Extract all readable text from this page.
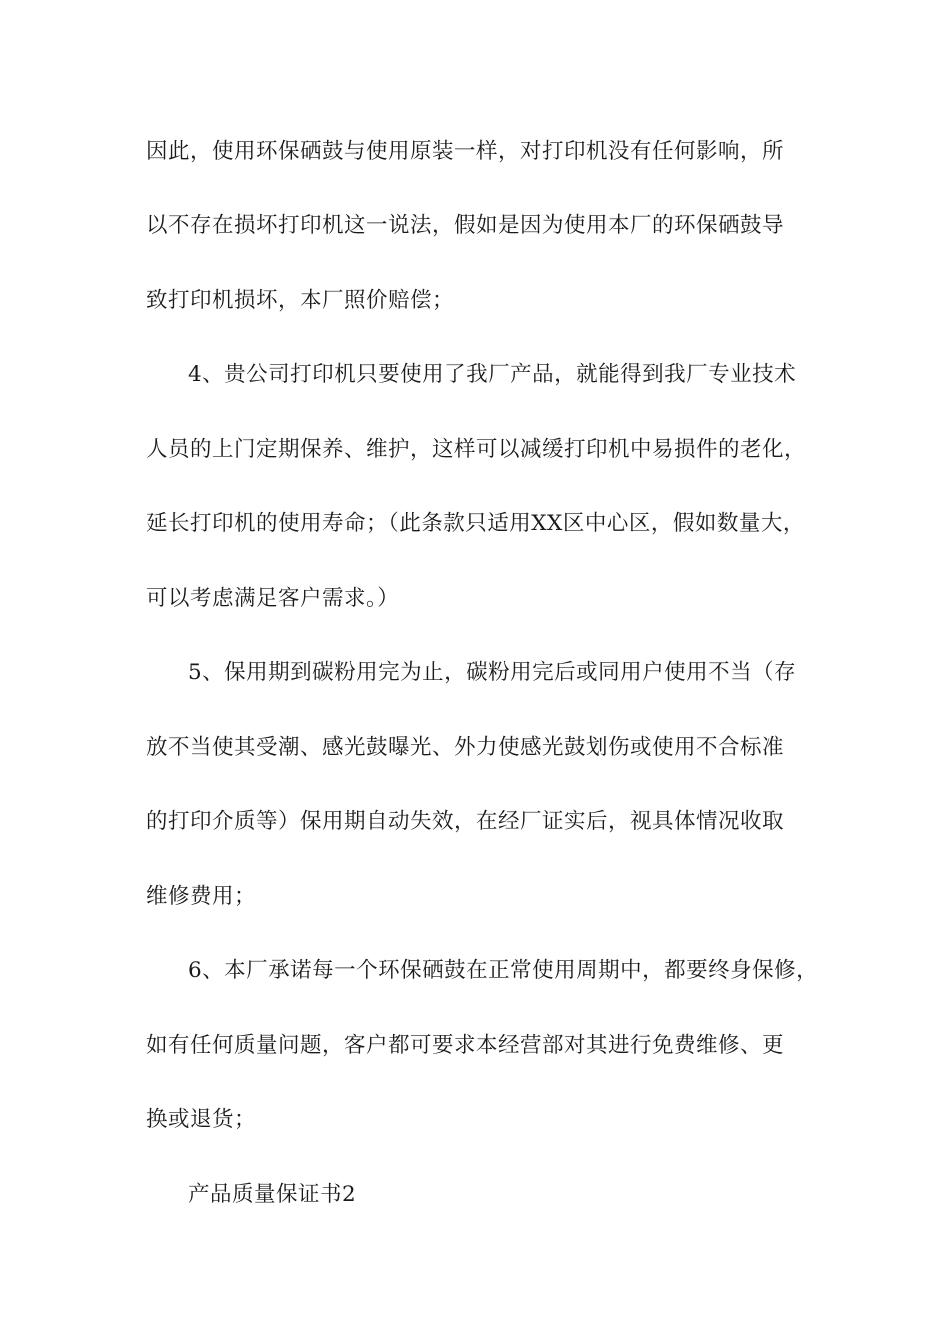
因此，使用环保硒鼓与使用原装一样，对打印机没有任何影响，所
以不存在损坏打印机这一说法，假如是因为使用本厂的环保硒鼓导
致打印机损坏，本厂照价赔偿；
4、贵公司打印机只要使用了我厂产品，就能得到我厂专业技术
人员的上门定期保养、维护，这样可以减缓打印机中易损件的老化，
延长打印机的使用寿命；（此条款只适用XX区中心区，假如数量大，
可以考虑满足客户需求。）
5、保用期到碳粉用完为止，碳粉用完后或同用户使用不当（存
放不当使其受潮、感光鼓曝光、外力使感光鼓划伤或使用不合标准
的打印介质等）保用期自动失效，在经厂证实后，视具体情况收取
维修费用；
6、本厂承诺每一个环保硒鼓在正常使用周期中，都要终身保修，
如有任何质量问题，客户都可要求本经营部对其进行免费维修、更
换或退货；
产品质量保证书2
